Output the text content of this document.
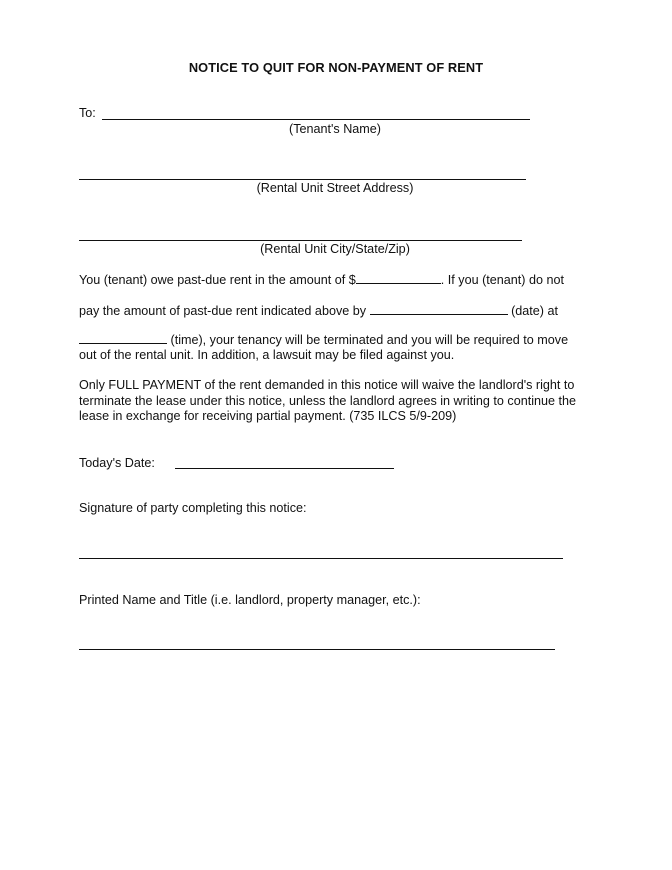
NOTICE TO QUIT FOR NON-PAYMENT OF RENT
To:
(Tenant's Name)
(Rental Unit Street Address)
(Rental Unit City/State/Zip)
You (tenant) owe past-due rent in the amount of $	. If you (tenant) do not
pay the amount of past-due rent indicated above by	(date) at
(time), your tenancy will be terminated and you will be required to move
out of the rental unit. In addition, a lawsuit may be filed against you.
Only FULL PAYMENT of the rent demanded in this notice will waive the landlord's right to terminate the lease under this notice, unless the landlord agrees in writing to continue the lease in exchange for receiving partial payment. (735 ILCS 5/9-209)
Today's Date:
Signature of party completing this notice:
Printed Name and Title (i.e. landlord, property manager, etc.):
